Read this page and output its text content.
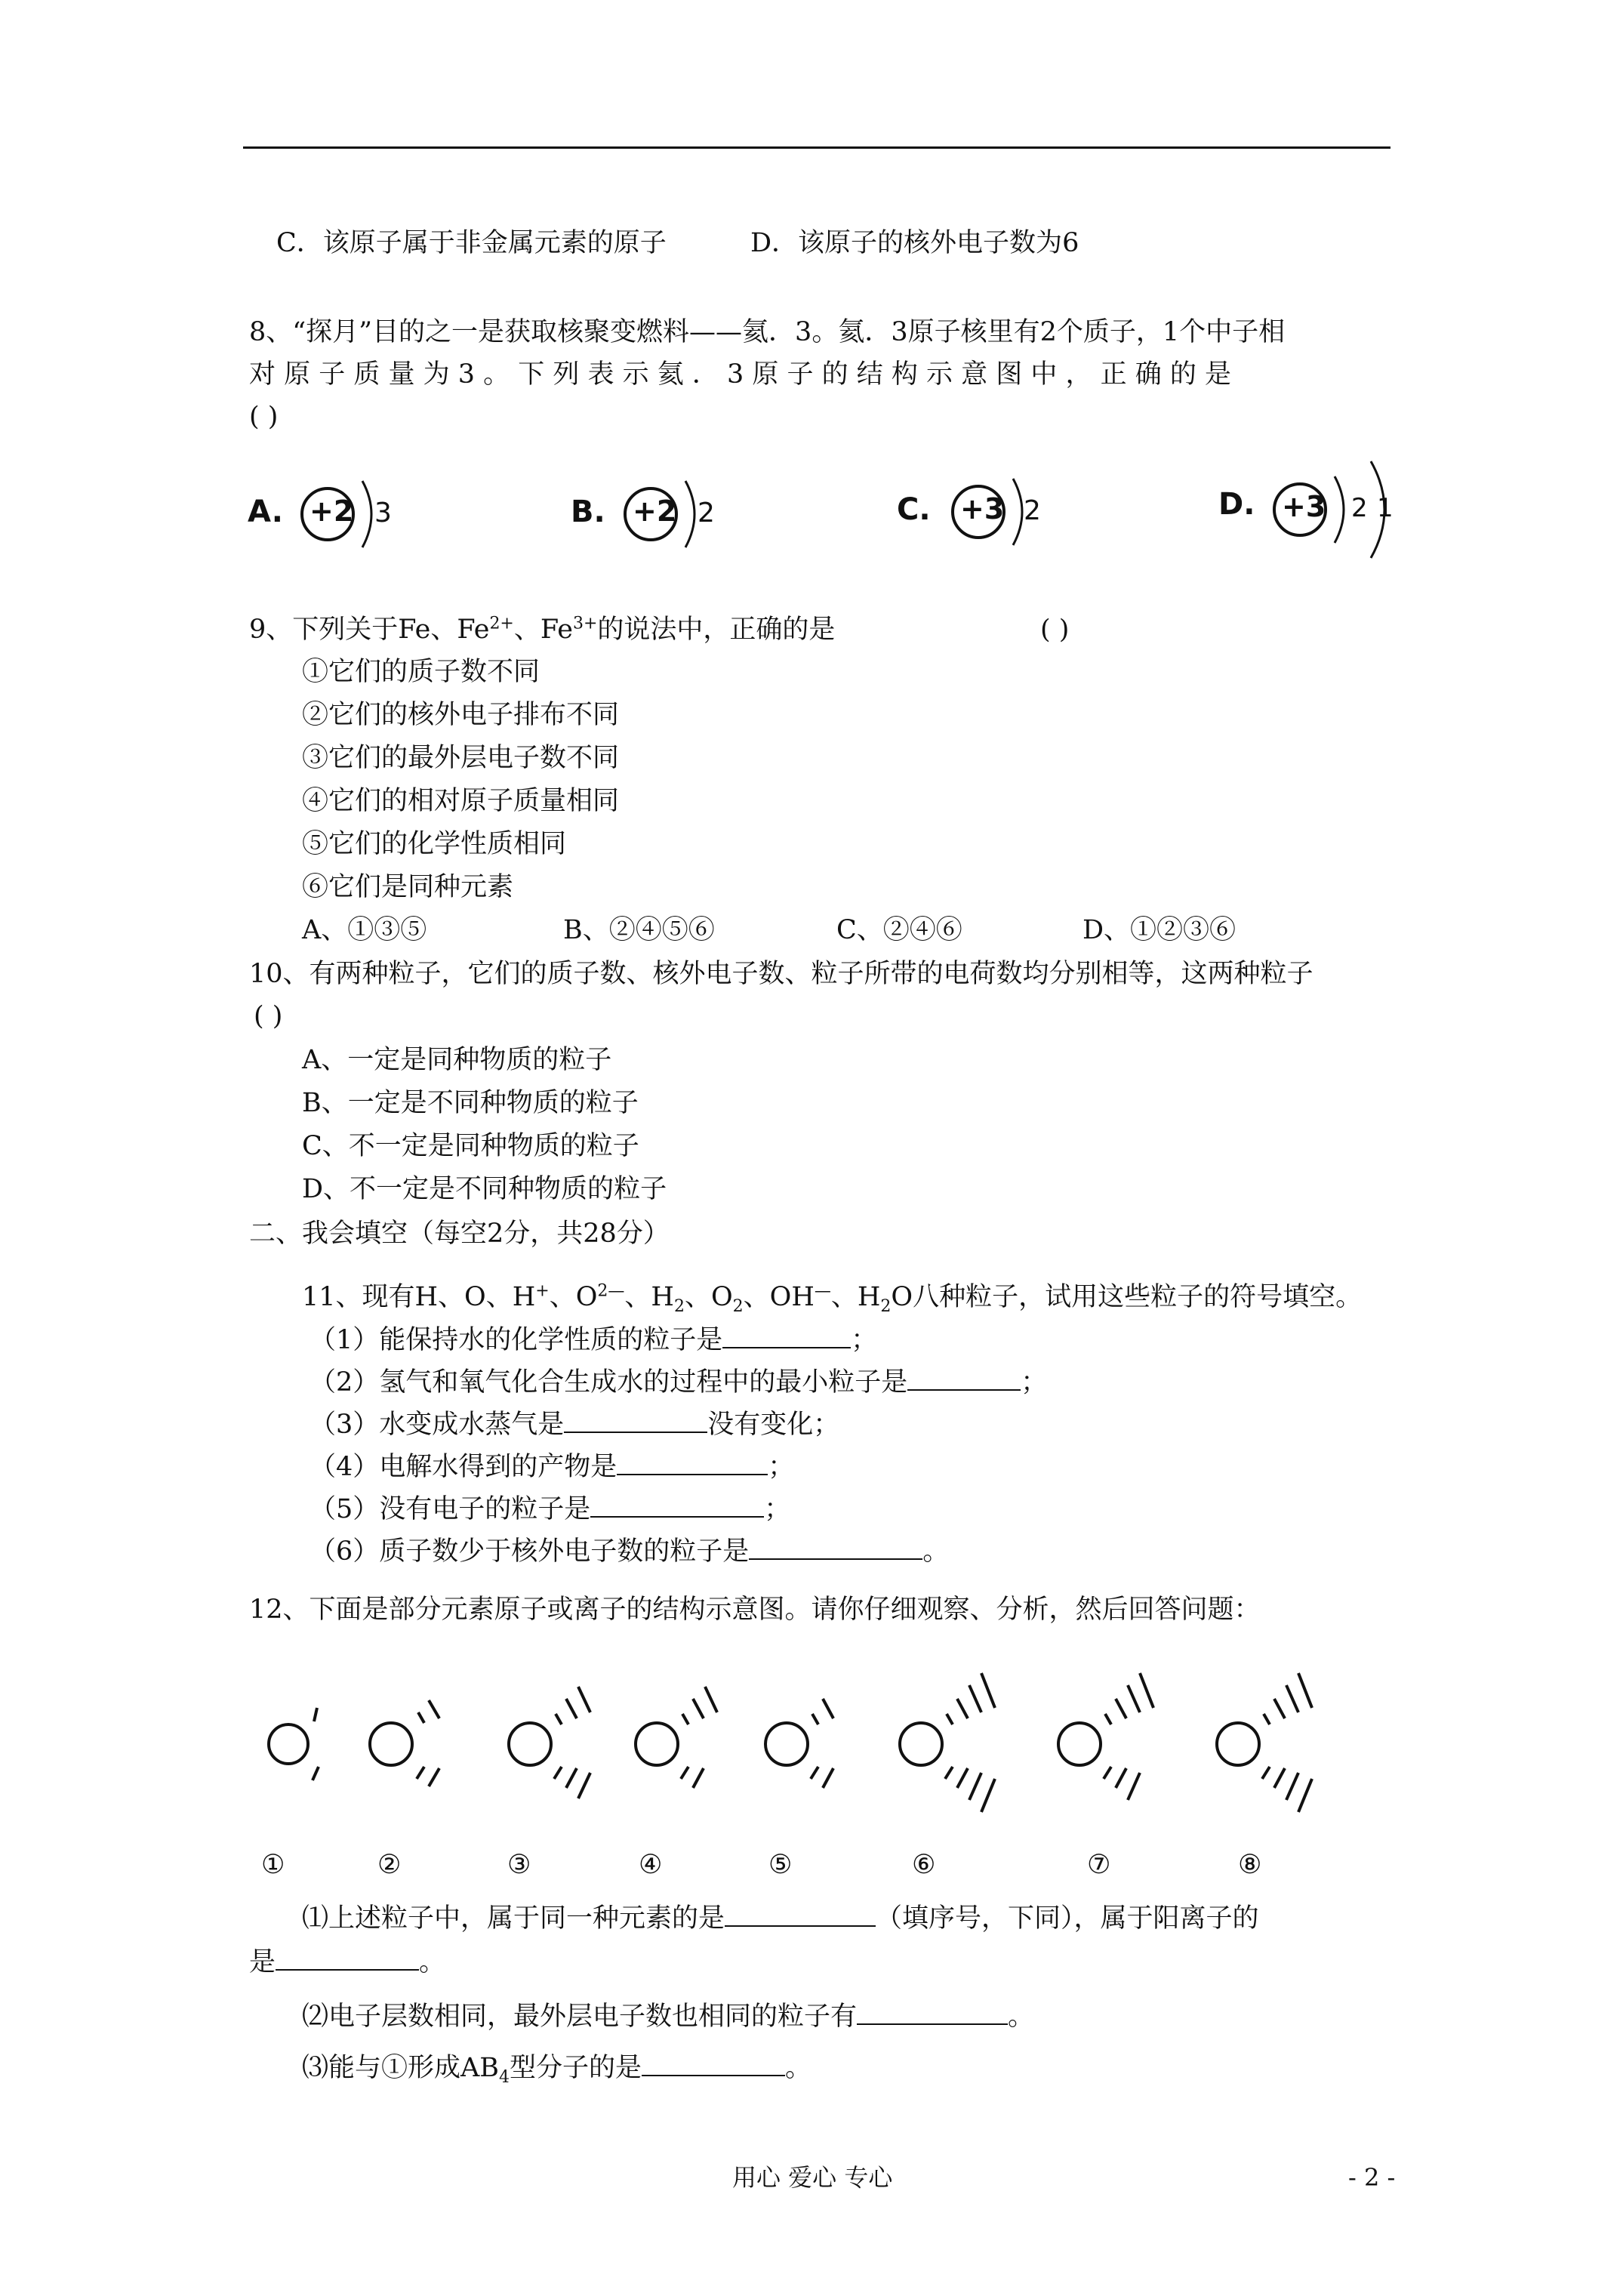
C．该原子属于非金属元素的原子	D．该原子的核外电子数为6
8、“探月”目的之一是获取核聚变燃料——氦．3。氦．3原子核里有2个质子，1个中子相
对 原 子 质 量 为 3 。 下 列 表 示 氦 ． 3 原 子 的 结 构 示 意 图 中 ， 正 确 的 是
( )
A. +2 3	B. +2 2	C. +3 2	D. +3 2 1
9、下列关于Fe、$Fe^{2+}$、$Fe^{3+}$的说法中，正确的是	( )
①它们的质子数不同
②它们的核外电子排布不同
③它们的最外层电子数不同
④它们的相对原子质量相同
⑤它们的化学性质相同
⑥它们是同种元素
A、①③⑤	B、②④⑤⑥	C、②④⑥	D、①②③⑥
10、有两种粒子，它们的质子数、核外电子数、粒子所带的电荷数均分别相等，这两种粒子
( )
A、一定是同种物质的粒子
B、一定是不同种物质的粒子
C、不一定是同种物质的粒子
D、不一定是不同种物质的粒子
二、我会填空（每空2分，共28分）
11、现有H、O、H+、$O^{2—}$、$H_2$、$O_2$、OH—、$H_2O$八种粒子，试用这些粒子的符号填空。
（1）能保持水的化学性质的粒子是	；
（2）氢气和氧气化合生成水的过程中的最小粒子是	；
（3）水变成水蒸气是	没有变化；
（4）电解水得到的产物是	；
（5）没有电子的粒子是	；
（6）质子数少于核外电子数的粒子是	。
12、下面是部分元素原子或离子的结构示意图。请你仔细观察、分析，然后回答问题：
①	②	③	④	⑤	⑥	⑦	⑧
⑴上述粒子中，属于同一种元素的是	（填序号，下同），属于阳离子的
是	。
⑵电子层数相同，最外层电子数也相同的粒子有	。
⑶能与①形成$AB_4$型分子的是	。
用心 爱心 专心	- 2 -
